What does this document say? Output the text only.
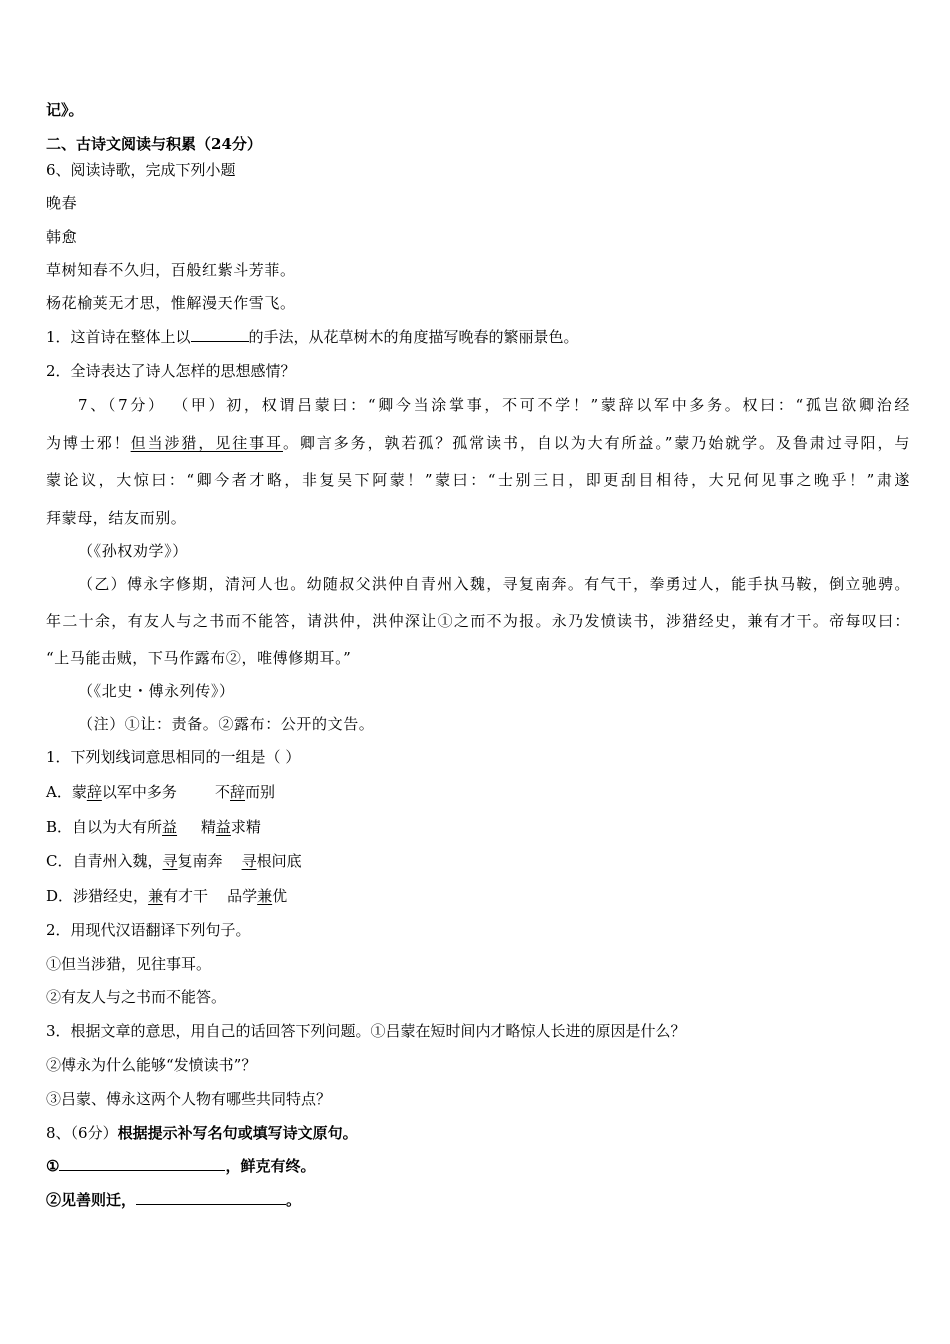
记》。
二、古诗文阅读与积累（24分）
6、阅读诗歌，完成下列小题
晚春
韩愈
草树知春不久归，百般红紫斗芳菲。
杨花榆荚无才思，惟解漫天作雪飞。
1．这首诗在整体上以	的手法，从花草树木的角度描写晚春的繁丽景色。
2．全诗表达了诗人怎样的思想感情？
7、（7分） （甲）初，权谓吕蒙曰：“卿今当涂掌事，不可不学！”蒙辞以军中多务。权曰：“孤岂欲卿治经
为博士邪！但当涉猎，见往事耳。卿言多务，孰若孤？孤常读书，自以为大有所益。”蒙乃始就学。及鲁肃过寻阳，与
蒙论议，大惊曰：“卿今者才略，非复吴下阿蒙！”蒙曰：“士别三日，即更刮目相待，大兄何见事之晚乎！”肃遂
拜蒙母，结友而别。
（《孙权劝学》）
（乙）傅永字修期，清河人也。幼随叔父洪仲自青州入魏，寻复南奔。有气干，拳勇过人，能手执马鞍，倒立驰骋。
年二十余，有友人与之书而不能答，请洪仲，洪仲深让①之而不为报。永乃发愤读书，涉猎经史，兼有才干。帝每叹曰：
“上马能击贼，下马作露布②，唯傅修期耳。”
（《北史・傅永列传》）
（注）①让：责备。②露布：公开的文告。
1．下列划线词意思相同的一组是（ ）
A．蒙辞以军中多务        不辞而别
B．自以为大有所益     精益求精
C．自青州入魏，寻复南奔    寻根问底
D．涉猎经史，兼有才干    品学兼优
2．用现代汉语翻译下列句子。
①但当涉猎，见往事耳。
②有友人与之书而不能答。
3．根据文章的意思，用自己的话回答下列问题。①吕蒙在短时间内才略惊人长进的原因是什么？
②傅永为什么能够“发愤读书”？
③吕蒙、傅永这两个人物有哪些共同特点？
8、（6分）根据提示补写名句或填写诗文原句。
①	，鲜克有终。
②见善则迁，	。
